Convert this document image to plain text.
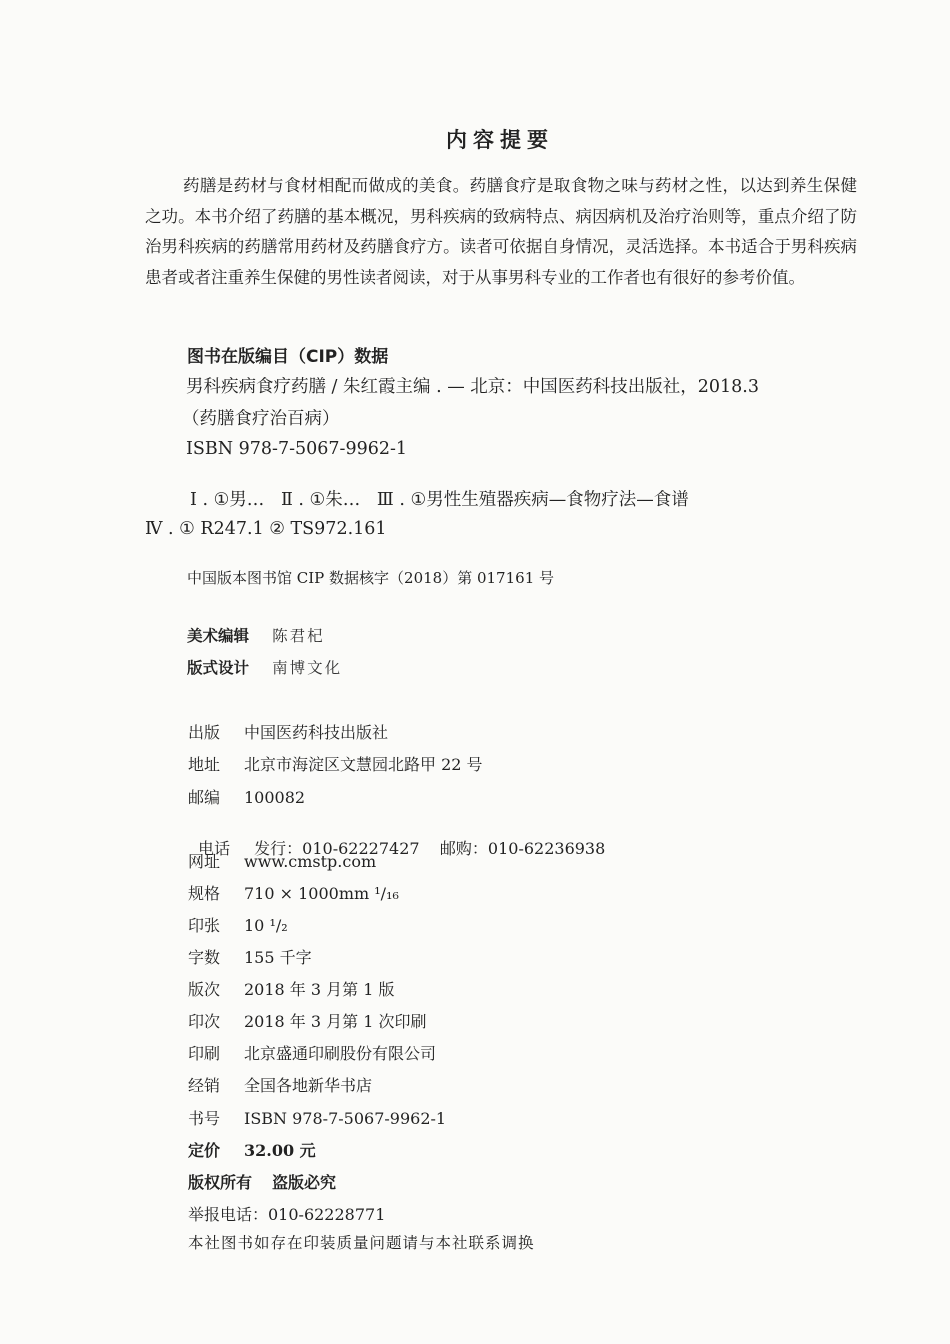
内容提要
药膳是药材与食材相配而做成的美食。药膳食疗是取食物之味与药材之性，以达到养生保健之功。本书介绍了药膳的基本概况，男科疾病的致病特点、病因病机及治疗治则等，重点介绍了防治男科疾病的药膳常用药材及药膳食疗方。读者可依据自身情况，灵活选择。本书适合于男科疾病患者或者注重养生保健的男性读者阅读，对于从事男科专业的工作者也有很好的参考价值。
图书在版编目（CIP）数据
男科疾病食疗药膳 / 朱红霞主编 . — 北京：中国医药科技出版社，2018.3
（药膳食疗治百病）
ISBN 978-7-5067-9962-1
Ⅰ . ①男…   Ⅱ . ①朱…   Ⅲ . ①男性生殖器疾病—食物疗法—食谱
Ⅳ . ① R247.1 ② TS972.161
中国版本图书馆 CIP 数据核字（2018）第 017161 号
美术编辑 陈君杞
版式设计 南博文化
出版 中国医药科技出版社
地址 北京市海淀区文慧园北路甲 22 号
邮编 100082

电话 发行：010-62227427    邮购：010-62236938

网址 www.cmstp.com
规格 710 × 1000mm ¹/₁₆
印张 10 ¹/₂
字数 155 千字
版次 2018 年 3 月第 1 版
印次 2018 年 3 月第 1 次印刷
印刷 北京盛通印刷股份有限公司
经销 全国各地新华书店
书号 ISBN 978-7-5067-9962-1
定价 32.00 元
版权所有 盗版必究
举报电话：010-62228771
本社图书如存在印装质量问题请与本社联系调换
